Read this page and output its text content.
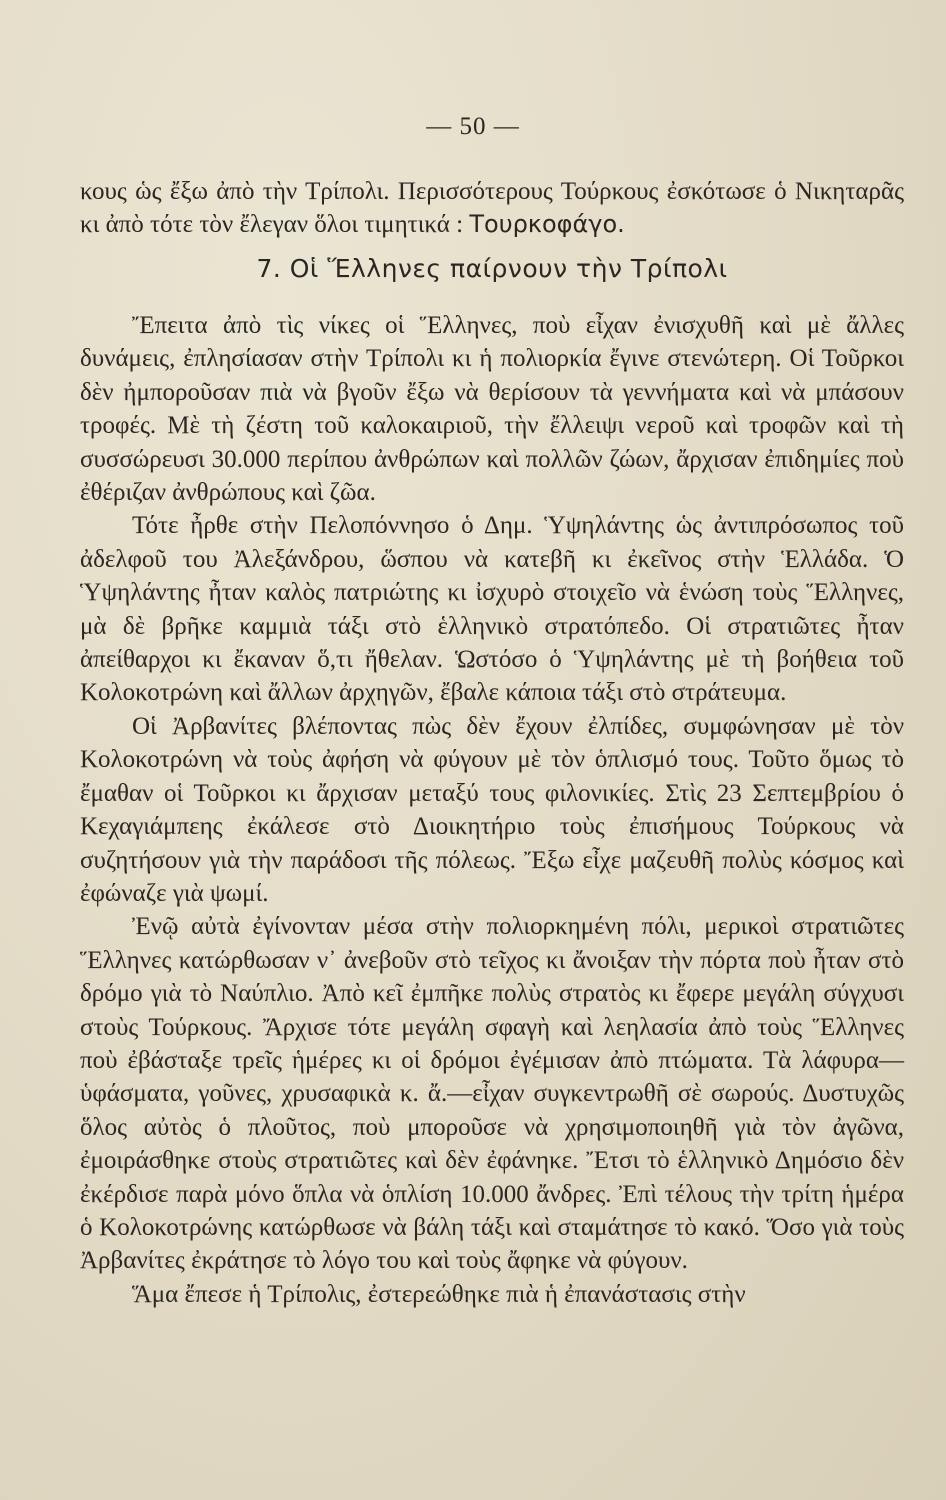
— 50 —

κους ὡς ἔξω ἀπὸ τὴν Τρίπολι. Περισσότερους Τούρκους ἐσκότωσε ὁ Νικηταρᾶς κι ἀπὸ τότε τὸν ἔλεγαν ὅλοι τιμητικά : Τουρκοφάγο.

7. Οἱ Ἕλληνες παίρνουν τὴν Τρίπολι

Ἔπειτα ἀπὸ τὶς νίκες οἱ Ἕλληνες, ποὺ εἶχαν ἐνισχυθῆ καὶ μὲ ἄλλες δυνάμεις, ἐπλησίασαν στὴν Τρίπολι κι ἡ πολιορκία ἔγινε στενώτερη. Οἱ Τοῦρκοι δὲν ἠμποροῦσαν πιὰ νὰ βγοῦν ἔξω νὰ θερίσουν τὰ γεννήματα καὶ νὰ μπάσουν τροφές. Μὲ τὴ ζέστη τοῦ καλοκαιριοῦ, τὴν ἔλλειψι νεροῦ καὶ τροφῶν καὶ τὴ συσσώρευσι 30.000 περίπου ἀνθρώπων καὶ πολλῶν ζώων, ἄρχισαν ἐπιδημίες ποὺ ἐθέριζαν ἀνθρώπους καὶ ζῶα.

Τότε ἦρθε στὴν Πελοπόννησο ὁ Δημ. Ὑψηλάντης ὡς ἀντιπρόσωπος τοῦ ἀδελφοῦ του Ἀλεξάνδρου, ὥσπου νὰ κατεβῆ κι ἐκεῖνος στὴν Ἑλλάδα. Ὁ Ὑψηλάντης ἦταν καλὸς πατριώτης κι ἰσχυρὸ στοιχεῖο νὰ ἑνώση τοὺς Ἕλληνες, μὰ δὲ βρῆκε καμμιὰ τάξι στὸ ἑλληνικὸ στρατόπεδο. Οἱ στρατιῶτες ἦταν ἀπείθαρχοι κι ἔκαναν ὅ,τι ἤθελαν. Ὡστόσο ὁ Ὑψηλάντης μὲ τὴ βοήθεια τοῦ Κολοκοτρώνη καὶ ἄλλων ἀρχηγῶν, ἔβαλε κάποια τάξι στὸ στράτευμα.

Οἱ Ἀρβανίτες βλέποντας πὼς δὲν ἔχουν ἐλπίδες, συμφώνησαν μὲ τὸν Κολοκοτρώνη νὰ τοὺς ἀφήση νὰ φύγουν μὲ τὸν ὁπλισμό τους. Τοῦτο ὅμως τὸ ἔμαθαν οἱ Τοῦρκοι κι ἄρχισαν μεταξύ τους φιλονικίες. Στὶς 23 Σεπτεμβρίου ὁ Κεχαγιάμπεης ἐκάλεσε στὸ Διοικητήριο τοὺς ἐπισήμους Τούρκους νὰ συζητήσουν γιὰ τὴν παράδοσι τῆς πόλεως. Ἔξω εἶχε μαζευθῆ πολὺς κόσμος καὶ ἐφώναζε γιὰ ψωμί.

Ἐνῷ αὐτὰ ἐγίνονταν μέσα στὴν πολιορκημένη πόλι, μερικοὶ στρατιῶτες Ἕλληνες κατώρθωσαν ν᾽ ἀνεβοῦν στὸ τεῖχος κι ἄνοιξαν τὴν πόρτα ποὺ ἦταν στὸ δρόμο γιὰ τὸ Ναύπλιο. Ἀπὸ κεῖ ἐμπῆκε πολὺς στρατὸς κι ἔφερε μεγάλη σύγχυσι στοὺς Τούρκους. Ἄρχισε τότε μεγάλη σφαγὴ καὶ λεηλασία ἀπὸ τοὺς Ἕλληνες ποὺ ἐβάσταξε τρεῖς ἡμέρες κι οἱ δρόμοι ἐγέμισαν ἀπὸ πτώματα. Τὰ λάφυρα—ὑφάσματα, γοῦνες, χρυσαφικὰ κ. ἄ.—εἶχαν συγκεντρωθῆ σὲ σωρούς. Δυστυχῶς ὅλος αὐτὸς ὁ πλοῦτος, ποὺ μποροῦσε νὰ χρησιμοποιηθῆ γιὰ τὸν ἀγῶνα, ἐμοιράσθηκε στοὺς στρατιῶτες καὶ δὲν ἐφάνηκε. Ἔτσι τὸ ἑλληνικὸ Δημόσιο δὲν ἐκέρδισε παρὰ μόνο ὅπλα νὰ ὁπλίση 10.000 ἄνδρες. Ἐπὶ τέλους τὴν τρίτη ἡμέρα ὁ Κολοκοτρώνης κατώρθωσε νὰ βάλη τάξι καὶ σταμάτησε τὸ κακό. Ὅσο γιὰ τοὺς Ἀρβανίτες ἐκράτησε τὸ λόγο του καὶ τοὺς ἄφηκε νὰ φύγουν.

Ἅμα ἔπεσε ἡ Τρίπολις, ἐστερεώθηκε πιὰ ἡ ἐπανάστασις στὴν
